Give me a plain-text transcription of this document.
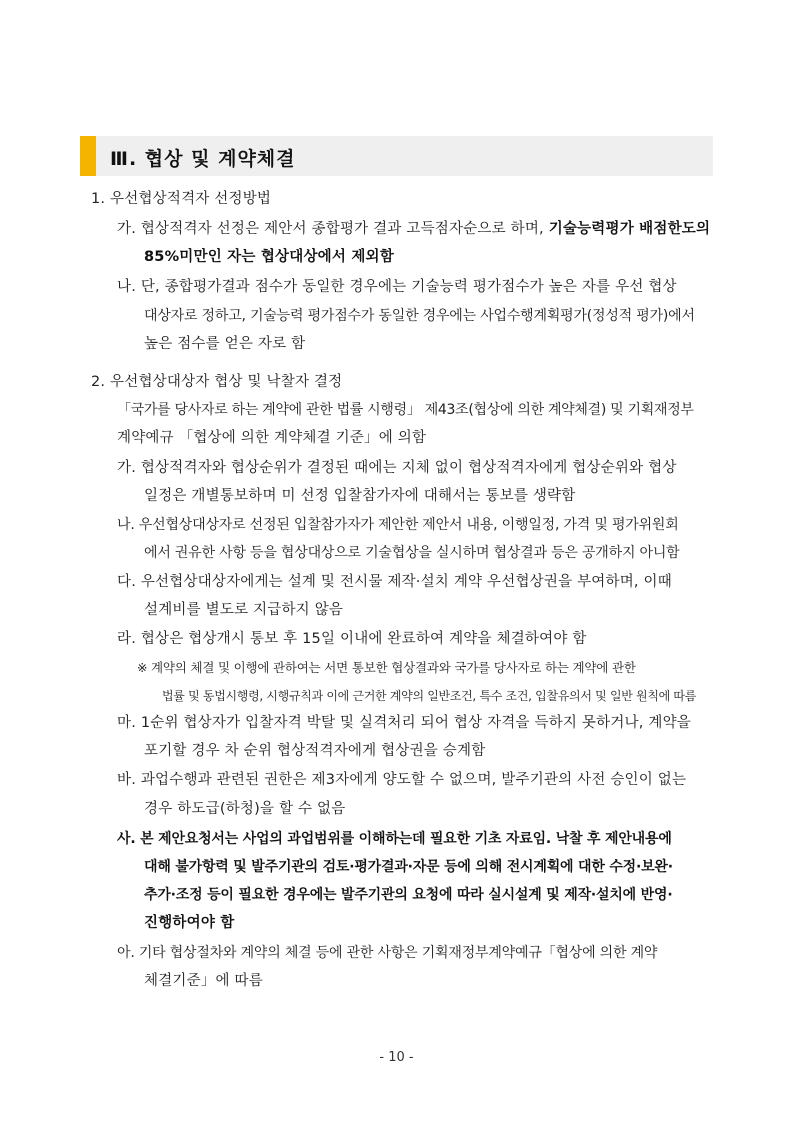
Ⅲ. 협상 및 계약체결
1. 우선협상적격자 선정방법
가. 협상적격자 선정은 제안서 종합평가 결과 고득점자순으로 하며, 기술능력평가 배점한도의
85%미만인 자는 협상대상에서 제외함
나. 단, 종합평가결과 점수가 동일한 경우에는 기술능력 평가점수가 높은 자를 우선 협상
대상자로 정하고, 기술능력 평가점수가 동일한 경우에는 사업수행계획평가(정성적 평가)에서
높은 점수를 얻은 자로 함
2. 우선협상대상자 협상 및 낙찰자 결정
「국가를 당사자로 하는 계약에 관한 법률 시행령」 제43조(협상에 의한 계약체결) 및 기획재정부
계약예규 「협상에 의한 계약체결 기준」에 의함
가. 협상적격자와 협상순위가 결정된 때에는 지체 없이 협상적격자에게 협상순위와 협상
일정은 개별통보하며 미 선정 입찰참가자에 대해서는 통보를 생략함
나. 우선협상대상자로 선정된 입찰참가자가 제안한 제안서 내용, 이행일정, 가격 및 평가위원회
에서 권유한 사항 등을 협상대상으로 기술협상을 실시하며 협상결과 등은 공개하지 아니함
다. 우선협상대상자에게는 설계 및 전시물 제작·설치 계약 우선협상권을 부여하며, 이때
설계비를 별도로 지급하지 않음
라. 협상은 협상개시 통보 후 15일 이내에 완료하여 계약을 체결하여야 함
※ 계약의 체결 및 이행에 관하여는 서면 통보한 협상결과와 국가를 당사자로 하는 계약에 관한
법률 및 동법시행령, 시행규칙과 이에 근거한 계약의 일반조건, 특수 조건, 입찰유의서 및 일반 원칙에 따름
마. 1순위 협상자가 입찰자격 박탈 및 실격처리 되어 협상 자격을 득하지 못하거나, 계약을
포기할 경우 차 순위 협상적격자에게 협상권을 승계함
바. 과업수행과 관련된 권한은 제3자에게 양도할 수 없으며, 발주기관의 사전 승인이 없는
경우 하도급(하청)을 할 수 없음
사. 본 제안요청서는 사업의 과업범위를 이해하는데 필요한 기초 자료임. 낙찰 후 제안내용에
대해 불가항력 및 발주기관의 검토·평가결과·자문 등에 의해 전시계획에 대한 수정·보완·
추가·조정 등이 필요한 경우에는 발주기관의 요청에 따라 실시설계 및 제작·설치에 반영·
진행하여야 함
아. 기타 협상절차와 계약의 체결 등에 관한 사항은 기획재정부계약예규「협상에 의한 계약
체결기준」에 따름
- 10 -
